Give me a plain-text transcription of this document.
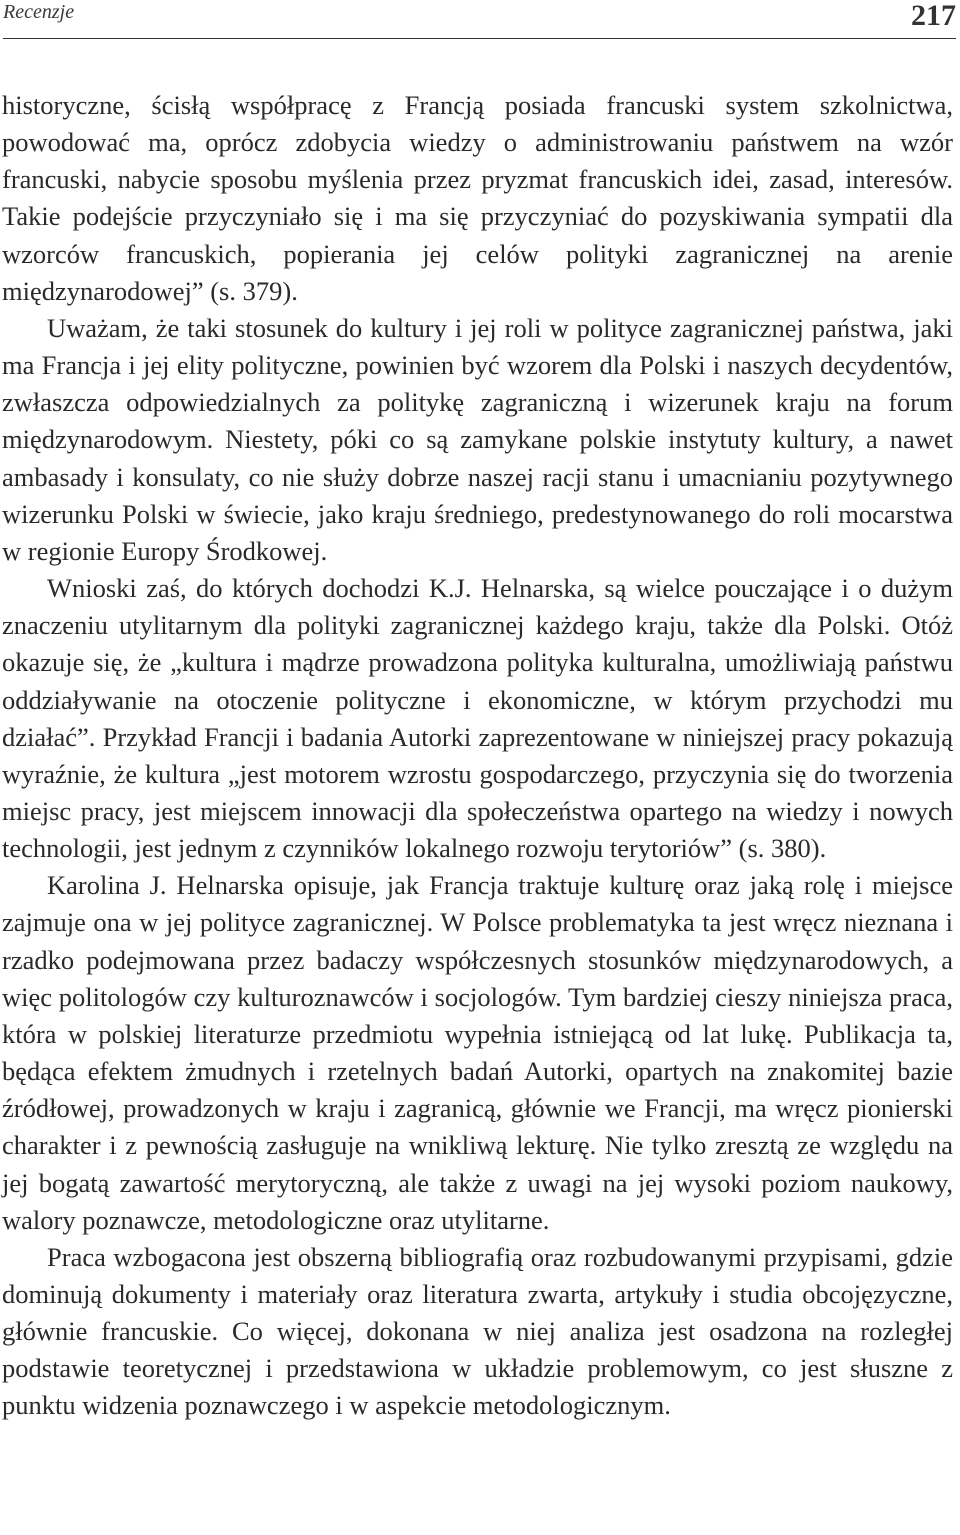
Recenzje	217

historyczne, ścisłą współpracę z Francją posiada francuski system szkolnictwa, powodować ma, oprócz zdobycia wiedzy o administrowaniu państwem na wzór francuski, nabycie sposobu myślenia przez pryzmat francuskich idei, zasad, interesów. Takie podejście przyczyniało się i ma się przyczyniać do pozyskiwania sympatii dla wzorców francuskich, popierania jej celów polityki zagranicznej na arenie międzynarodowej” (s. 379).

Uważam, że taki stosunek do kultury i jej roli w polityce zagranicznej państwa, jaki ma Francja i jej elity polityczne, powinien być wzorem dla Polski i naszych decydentów, zwłaszcza odpowiedzialnych za politykę zagraniczną i wizerunek kraju na forum międzynarodowym. Niestety, póki co są zamykane polskie instytuty kultury, a nawet ambasady i konsulaty, co nie służy dobrze naszej racji stanu i umacnianiu pozytywnego wizerunku Polski w świecie, jako kraju średniego, predestynowanego do roli mocarstwa w regionie Europy Środkowej.

Wnioski zaś, do których dochodzi K.J. Helnarska, są wielce pouczające i o dużym znaczeniu utylitarnym dla polityki zagranicznej każdego kraju, także dla Polski. Otóż okazuje się, że „kultura i mądrze prowadzona polityka kulturalna, umożliwiają państwu oddziaływanie na otoczenie polityczne i ekonomiczne, w którym przychodzi mu działać”. Przykład Francji i badania Autorki zaprezentowane w niniejszej pracy pokazują wyraźnie, że kultura „jest motorem wzrostu gospodarczego, przyczynia się do tworzenia miejsc pracy, jest miejscem innowacji dla społeczeństwa opartego na wiedzy i nowych technologii, jest jednym z czynników lokalnego rozwoju terytoriów” (s. 380).

Karolina J. Helnarska opisuje, jak Francja traktuje kulturę oraz jaką rolę i miejsce zajmuje ona w jej polityce zagranicznej. W Polsce problematyka ta jest wręcz nieznana i rzadko podejmowana przez badaczy współczesnych stosunków międzynarodowych, a więc politologów czy kulturoznawców i socjologów. Tym bardziej cieszy niniejsza praca, która w polskiej literaturze przedmiotu wypełnia istniejącą od lat lukę. Publikacja ta, będąca efektem żmudnych i rzetelnych badań Autorki, opartych na znakomitej bazie źródłowej, prowadzonych w kraju i zagranicą, głównie we Francji, ma wręcz pionierski charakter i z pewnością zasługuje na wnikliwą lekturę. Nie tylko zresztą ze względu na jej bogatą zawartość merytoryczną, ale także z uwagi na jej wysoki poziom naukowy, walory poznawcze, metodologiczne oraz utylitarne.

Praca wzbogacona jest obszerną bibliografią oraz rozbudowanymi przypisami, gdzie dominują dokumenty i materiały oraz literatura zwarta, artykuły i studia obcojęzyczne, głównie francuskie. Co więcej, dokonana w niej analiza jest osadzona na rozległej podstawie teoretycznej i przedstawiona w układzie problemowym, co jest słuszne z punktu widzenia poznawczego i w aspekcie metodologicznym.
